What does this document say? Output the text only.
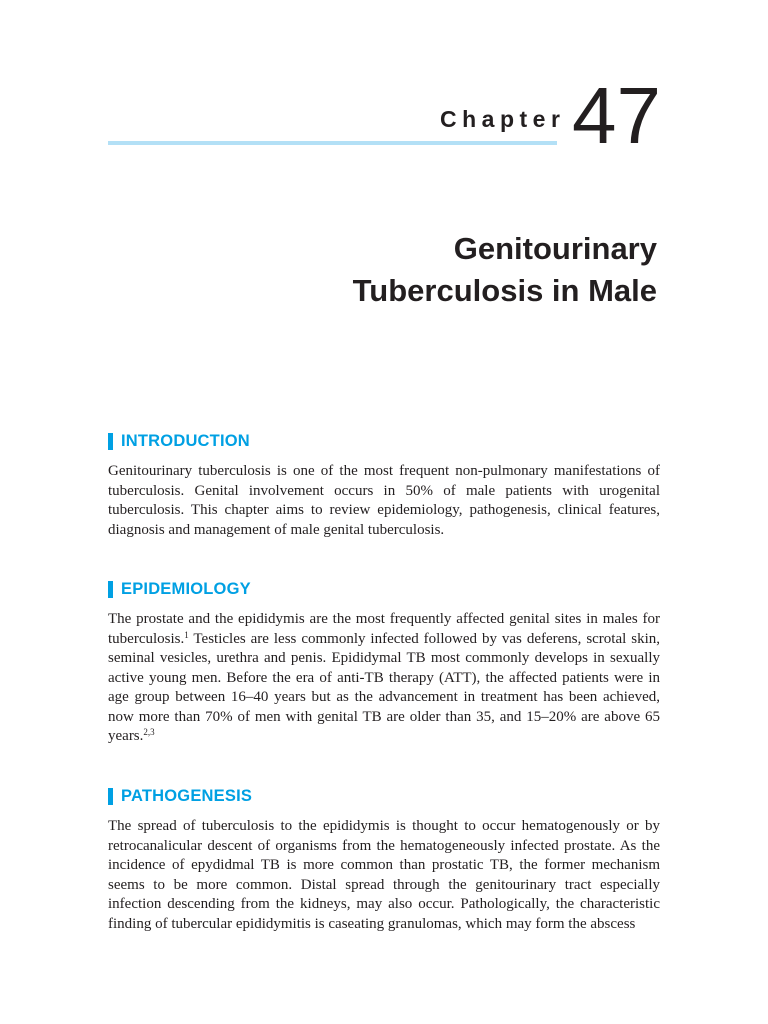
Chapter 47
Genitourinary
Tuberculosis in Male
INTRODUCTION

Genitourinary tuberculosis is one of the most frequent non-pulmonary manifestations of tuberculosis. Genital involvement occurs in 50% of male patients with urogenital tuberculosis. This chapter aims to review epidemiology, pathogenesis, clinical features, diagnosis and management of male genital tuberculosis.

EPIDEMIOLOGY

The prostate and the epididymis are the most frequently affected genital sites in males for tuberculosis.$^1$ Testicles are less commonly infected followed by vas deferens, scrotal skin, seminal vesicles, urethra and penis. Epididymal TB most commonly develops in sexually active young men. Before the era of anti-TB therapy (ATT), the affected patients were in age group between 16–40 years but as the advancement in treatment has been achieved, now more than 70% of men with genital TB are older than 35, and 15–20% are above 65 years.$^{2,3}$

PATHOGENESIS

The spread of tuberculosis to the epididymis is thought to occur hematogenously or by retrocanalicular descent of organisms from the hematogeneously infected prostate. As the incidence of epydidmal TB is more common than prostatic TB, the former mechanism seems to be more common. Distal spread through the genitourinary tract especially infection descending from the kidneys, may also occur. Pathologically, the characteristic finding of tubercular epididymitis is caseating granulomas, which may form the abscess
